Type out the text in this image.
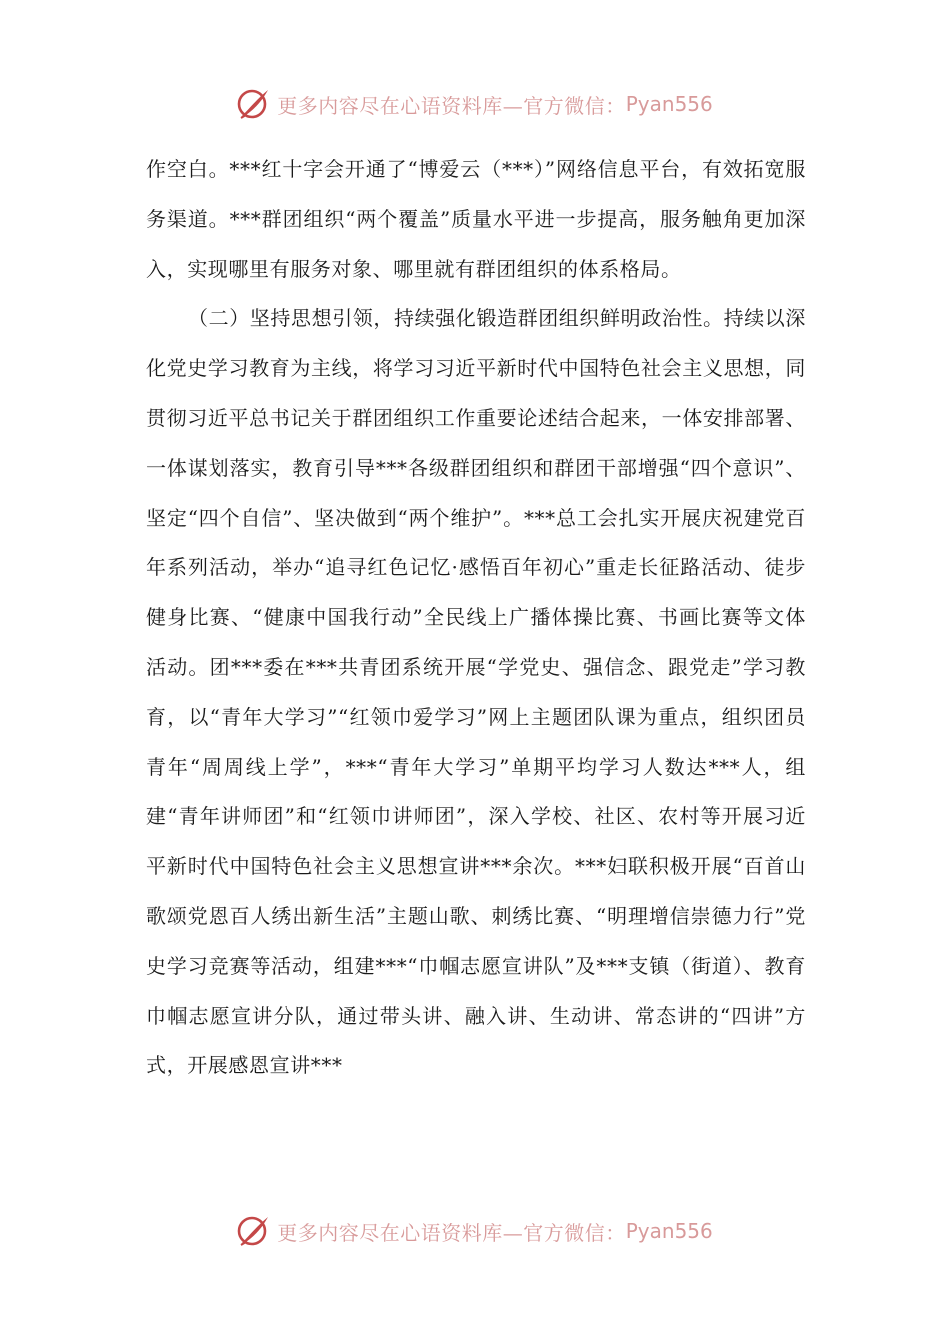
更多内容尽在心语资料库—官方微信： Pyan556

作空白。***红十字会开通了“博爱云（***）”网络信息平台，有效拓宽服务渠道。***群团组织“两个覆盖”质量水平进一步提高，服务触角更加深入，实现哪里有服务对象、哪里就有群团组织的体系格局。

（二）坚持思想引领，持续强化锻造群团组织鲜明政治性。持续以深化党史学习教育为主线，将学习习近平新时代中国特色社会主义思想，同贯彻习近平总书记关于群团组织工作重要论述结合起来，一体安排部署、一体谋划落实，教育引导***各级群团组织和群团干部增强“四个意识”、坚定“四个自信”、坚决做到“两个维护”。***总工会扎实开展庆祝建党百年系列活动，举办“追寻红色记忆·感悟百年初心”重走长征路活动、徒步健身比赛、“健康中国我行动”全民线上广播体操比赛、书画比赛等文体活动。团***委在***共青团系统开展“学党史、强信念、跟党走”学习教育，以“青年大学习”“红领巾爱学习”网上主题团队课为重点，组织团员青年“周周线上学”，***“青年大学习”单期平均学习人数达***人，组建“青年讲师团”和“红领巾讲师团”，深入学校、社区、农村等开展习近平新时代中国特色社会主义思想宣讲***余次。***妇联积极开展“百首山歌颂党恩百人绣出新生活”主题山歌、刺绣比赛、“明理增信崇德力行”党史学习竞赛等活动，组建***“巾帼志愿宣讲队”及***支镇（街道）、教育巾帼志愿宣讲分队，通过带头讲、融入讲、生动讲、常态讲的“四讲”方式，开展感恩宣讲***

更多内容尽在心语资料库—官方微信： Pyan556
